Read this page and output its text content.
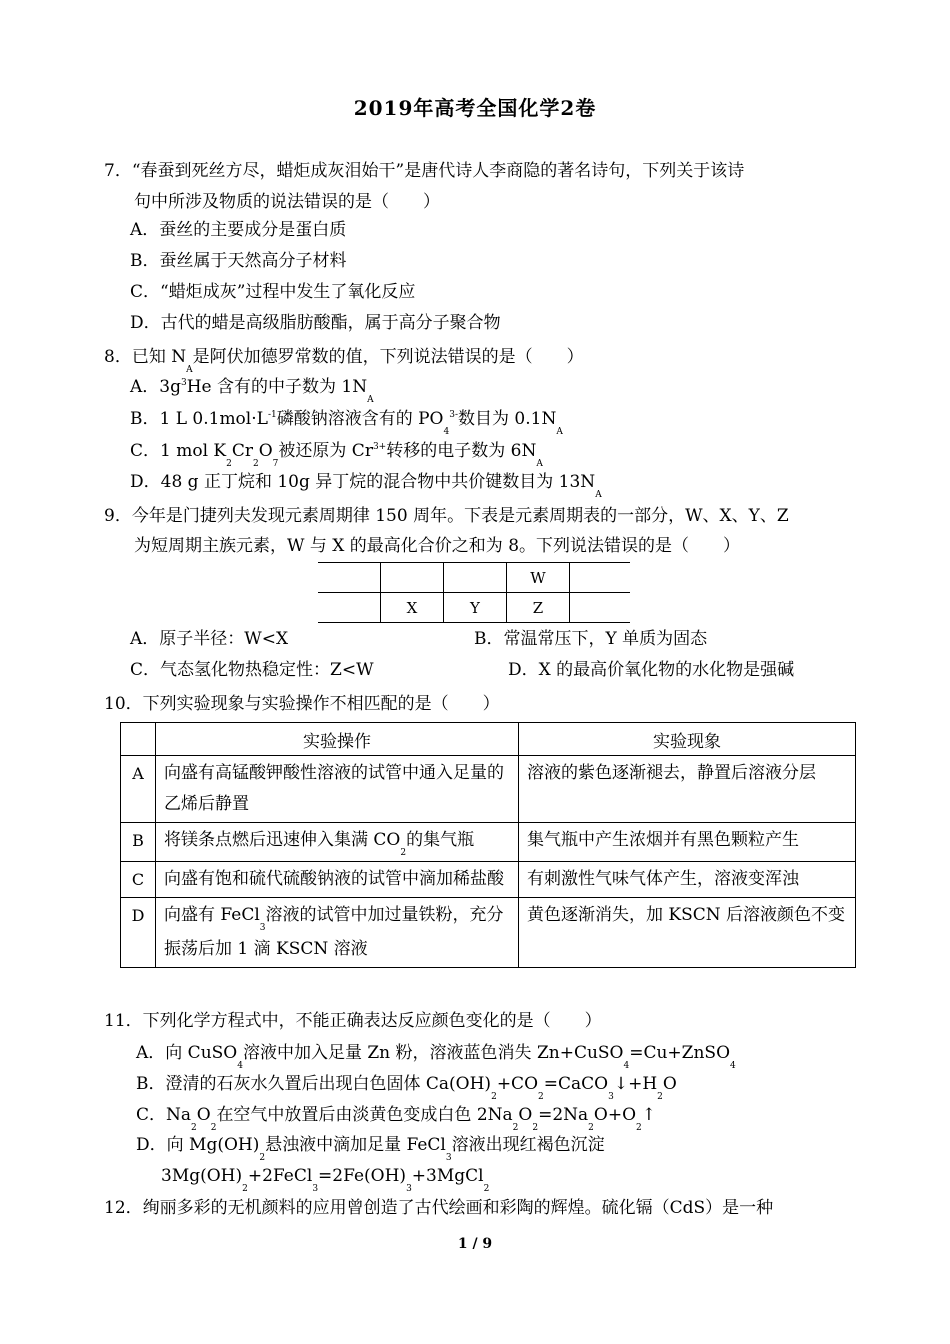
2019年高考全国化学2卷
7．“春蚕到死丝方尽，蜡炬成灰泪始干”是唐代诗人李商隐的著名诗句，下列关于该诗
句中所涉及物质的说法错误的是（　　）
A．蚕丝的主要成分是蛋白质
B．蚕丝属于天然高分子材料
C．“蜡炬成灰”过程中发生了氧化反应
D．古代的蜡是高级脂肪酸酯，属于高分子聚合物
8．已知 $N_A$是阿伏加德罗常数的值，下列说法错误的是（　　）
A．$3g^3He$ 含有的中子数为 $1N_A$
B．1 L $0.1mol\cdot L^{-1}$磷酸钠溶液含有的 $PO_4^{3-}$数目为 $0.1N_A$
C．1 mol $K_2Cr_2O_7$被还原为 $Cr^{3+}$转移的电子数为 $6N_A$
D．48 g 正丁烷和 10g 异丁烷的混合物中共价键数目为 $13N_A$
9．今年是门捷列夫发现元素周期律 150 周年。下表是元素周期表的一部分，W、X、Y、Z
为短周期主族元素，W 与 X 的最高化合价之和为 8。下列说法错误的是（　　）
			W	
	X	Y	Z	
A．原子半径：W<X	B．常温常压下，Y 单质为固态
C．气态氢化物热稳定性：Z<W	D．X 的最高价氧化物的水化物是强碱
10．下列实验现象与实验操作不相匹配的是（　　）
	实验操作	实验现象
A	向盛有高锰酸钾酸性溶液的试管中通入足量的乙烯后静置	溶液的紫色逐渐褪去，静置后溶液分层
B	将镁条点燃后迅速伸入集满 $CO_2$的集气瓶	集气瓶中产生浓烟并有黑色颗粒产生
C	向盛有饱和硫代硫酸钠液的试管中滴加稀盐酸	有刺激性气味气体产生，溶液变浑浊
D	向盛有 FeCl$_3$溶液的试管中加过量铁粉，充分振荡后加 1 滴 KSCN 溶液	黄色逐渐消失，加 KSCN 后溶液颜色不变
11．下列化学方程式中，不能正确表达反应颜色变化的是（　　）
A．向 CuSO$_4$溶液中加入足量 Zn 粉，溶液蓝色消失 Zn+CuSO$_4$=Cu+ZnSO$_4$
B．澄清的石灰水久置后出现白色固体 $Ca(OH)_2+CO_2=CaCO_3↓+H_2O$
C．$Na_2O_2$在空气中放置后由淡黄色变成白色 $2Na_2O_2=2Na_2O+O_2↑$
D．向 $Mg(OH)_2$悬浊液中滴加足量 FeCl$_3$溶液出现红褐色沉淀
$3Mg(OH)_2+2FeCl_3=2Fe(OH)_3+3MgCl_2$
12．绚丽多彩的无机颜料的应用曾创造了古代绘画和彩陶的辉煌。硫化镉（CdS）是一种
1 / 9
